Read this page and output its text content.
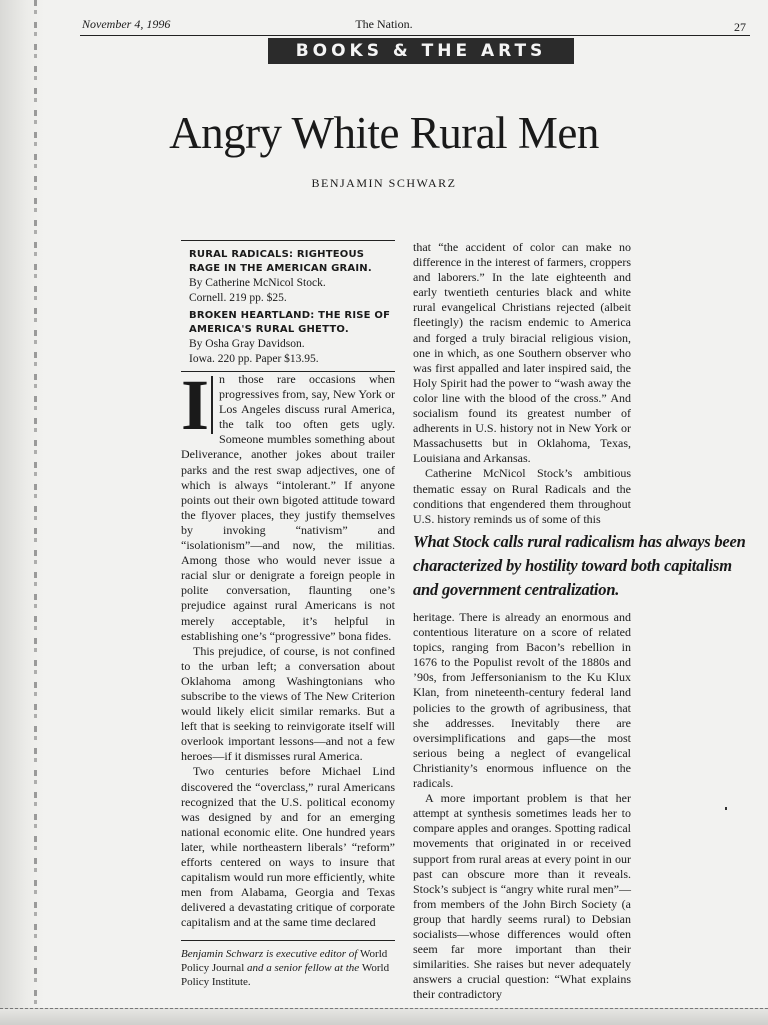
November 4, 1996	The Nation.	27
BOOKS & THE ARTS
Angry White Rural Men
BENJAMIN SCHWARZ
RURAL RADICALS: RIGHTEOUS
RAGE IN THE AMERICAN GRAIN.
By Catherine McNicol Stock.
Cornell. 219 pp. $25.
BROKEN HEARTLAND: THE RISE OF
AMERICA'S RURAL GHETTO.
By Osha Gray Davidson.
Iowa. 220 pp. Paper $13.95.

I n those rare occasions when progressives from, say, New York or Los Angeles discuss rural America, the talk too often gets ugly. Someone mumbles something about Deliverance, another jokes about trailer parks and the rest swap adjectives, one of which is always “intolerant.” If anyone points out their own bigoted attitude toward the flyover places, they justify themselves by invoking “nativism” and “isolationism”—and now, the militias. Among those who would never issue a racial slur or denigrate a foreign people in polite conversation, flaunting one’s prejudice against rural Americans is not merely acceptable, it’s helpful in establishing one’s “progressive” bona fides.

This prejudice, of course, is not confined to the urban left; a conversation about Oklahoma among Washingtonians who subscribe to the views of The New Criterion would likely elicit similar remarks. But a left that is seeking to reinvigorate itself will overlook important lessons—and not a few heroes—if it dismisses rural America.

Two centuries before Michael Lind discovered the “overclass,” rural Americans recognized that the U.S. political economy was designed by and for an emerging national economic elite. One hundred years later, while northeastern liberals’ “reform” efforts centered on ways to insure that capitalism would run more efficiently, white men from Alabama, Georgia and Texas delivered a devastating critique of corporate capitalism and at the same time declared

Benjamin Schwarz is executive editor of World Policy Journal and a senior fellow at the World Policy Institute.

that “the accident of color can make no difference in the interest of farmers, croppers and laborers.” In the late eighteenth and early twentieth centuries black and white rural evangelical Christians rejected (albeit fleetingly) the racism endemic to America and forged a truly biracial religious vision, one in which, as one Southern observer who was first appalled and later inspired said, the Holy Spirit had the power to “wash away the color line with the blood of the cross.” And socialism found its greatest number of adherents in U.S. history not in New York or Massachusetts but in Oklahoma, Texas, Louisiana and Arkansas.

Catherine McNicol Stock’s ambitious thematic essay on Rural Radicals and the conditions that engendered them throughout U.S. history reminds us of some of this

What Stock calls rural radicalism has always been characterized by hostility toward both capitalism and government centralization.

heritage. There is already an enormous and contentious literature on a score of related topics, ranging from Bacon’s rebellion in 1676 to the Populist revolt of the 1880s and ’90s, from Jeffersonianism to the Ku Klux Klan, from nineteenth-century federal land policies to the growth of agribusiness, that she addresses. Inevitably there are oversimplifications and gaps—the most serious being a neglect of evangelical Christianity’s enormous influence on the radicals.

A more important problem is that her attempt at synthesis sometimes leads her to compare apples and oranges. Spotting radical movements that originated in or received support from rural areas at every point in our past can obscure more than it reveals. Stock’s subject is “angry white rural men”—from members of the John Birch Society (a group that hardly seems rural) to Debsian socialists—whose differences would often seem far more important than their similarities. She raises but never adequately answers a crucial question: “What explains their contradictory
